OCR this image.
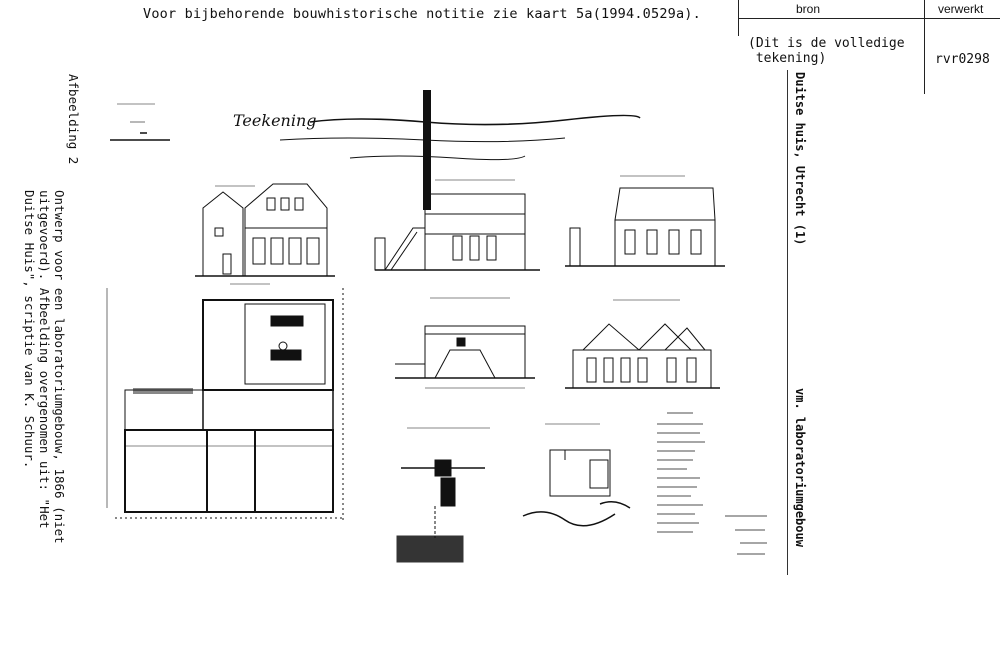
Voor bijbehorende bouwhistorische notitie zie kaart 5a(1994.0529a).	bron	verwerkt
(Dit is de volledige
tekening)	rvr0298
Afbeelding 2
Ontwerp voor een laboratoriumgebouw, 1866 (niet
uitgevoerd). Afbeelding overgenomen uit: "Het
Duitse Huis", scriptie van K. Schuur.
Duitse huis, Utrecht (1)
vm. laboratoriumgebouw
Teekening
